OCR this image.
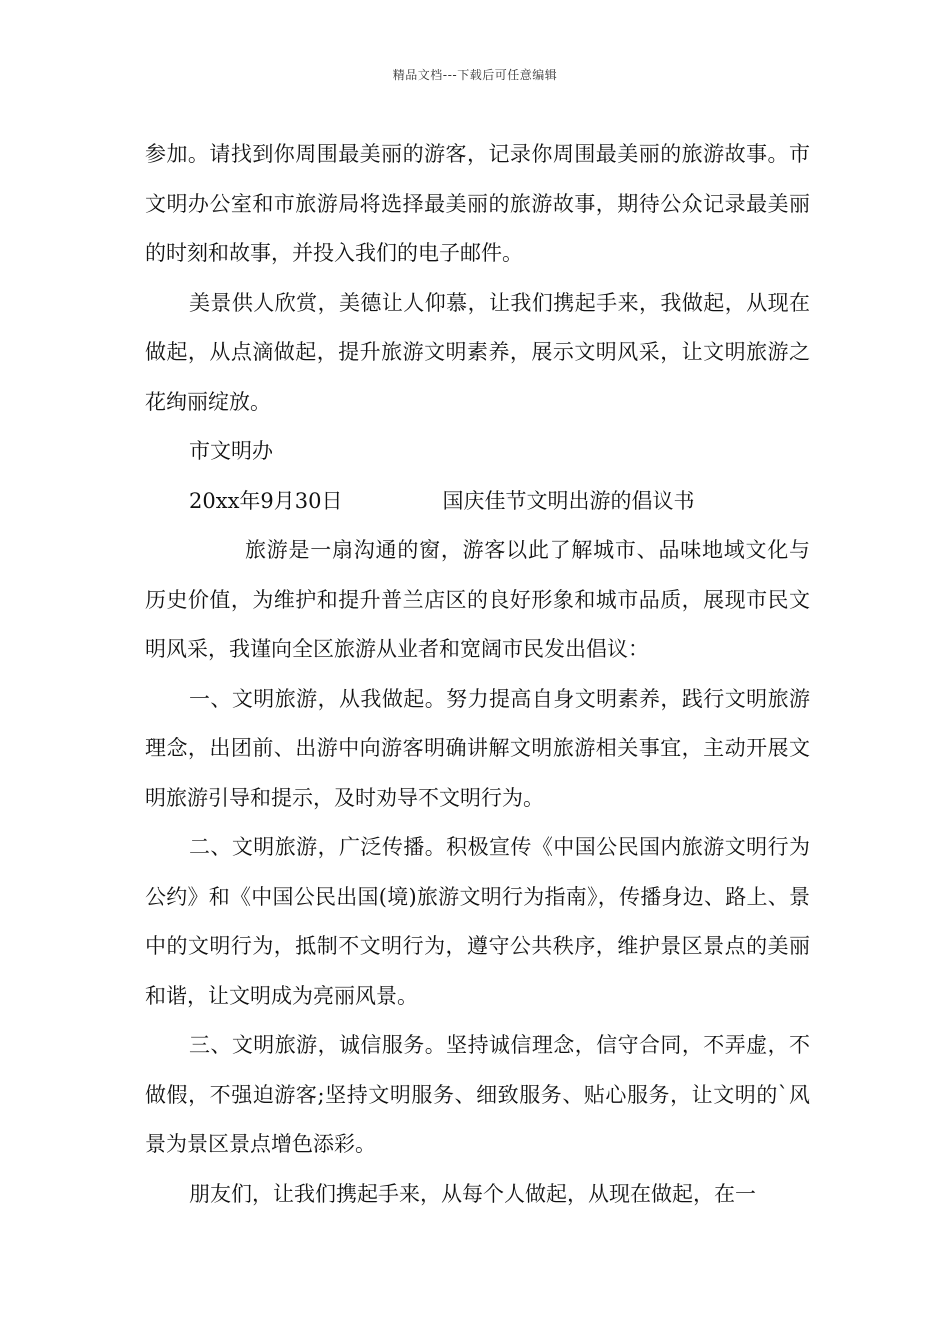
精品文档---下载后可任意编辑

参加。请找到你周围最美丽的游客，记录你周围最美丽的旅游故事。市文明办公室和市旅游局将选择最美丽的旅游故事，期待公众记录最美丽的时刻和故事，并投入我们的电子邮件。

美景供人欣赏，美德让人仰慕，让我们携起手来，我做起，从现在做起，从点滴做起，提升旅游文明素养，展示文明风采，让文明旅游之花绚丽绽放。

市文明办

20xx年9月30日	国庆佳节文明出游的倡议书

旅游是一扇沟通的窗，游客以此了解城市、品味地域文化与历史价值，为维护和提升普兰店区的良好形象和城市品质，展现市民文明风采，我谨向全区旅游从业者和宽阔市民发出倡议：

一、文明旅游，从我做起。努力提高自身文明素养，践行文明旅游理念，出团前、出游中向游客明确讲解文明旅游相关事宜，主动开展文明旅游引导和提示，及时劝导不文明行为。

二、文明旅游，广泛传播。积极宣传《中国公民国内旅游文明行为公约》和《中国公民出国(境)旅游文明行为指南》，传播身边、路上、景中的文明行为，抵制不文明行为，遵守公共秩序，维护景区景点的美丽和谐，让文明成为亮丽风景。

三、文明旅游，诚信服务。坚持诚信理念，信守合同，不弄虚，不做假，不强迫游客;坚持文明服务、细致服务、贴心服务，让文明的`风景为景区景点增色添彩。

朋友们，让我们携起手来，从每个人做起，从现在做起，在一
